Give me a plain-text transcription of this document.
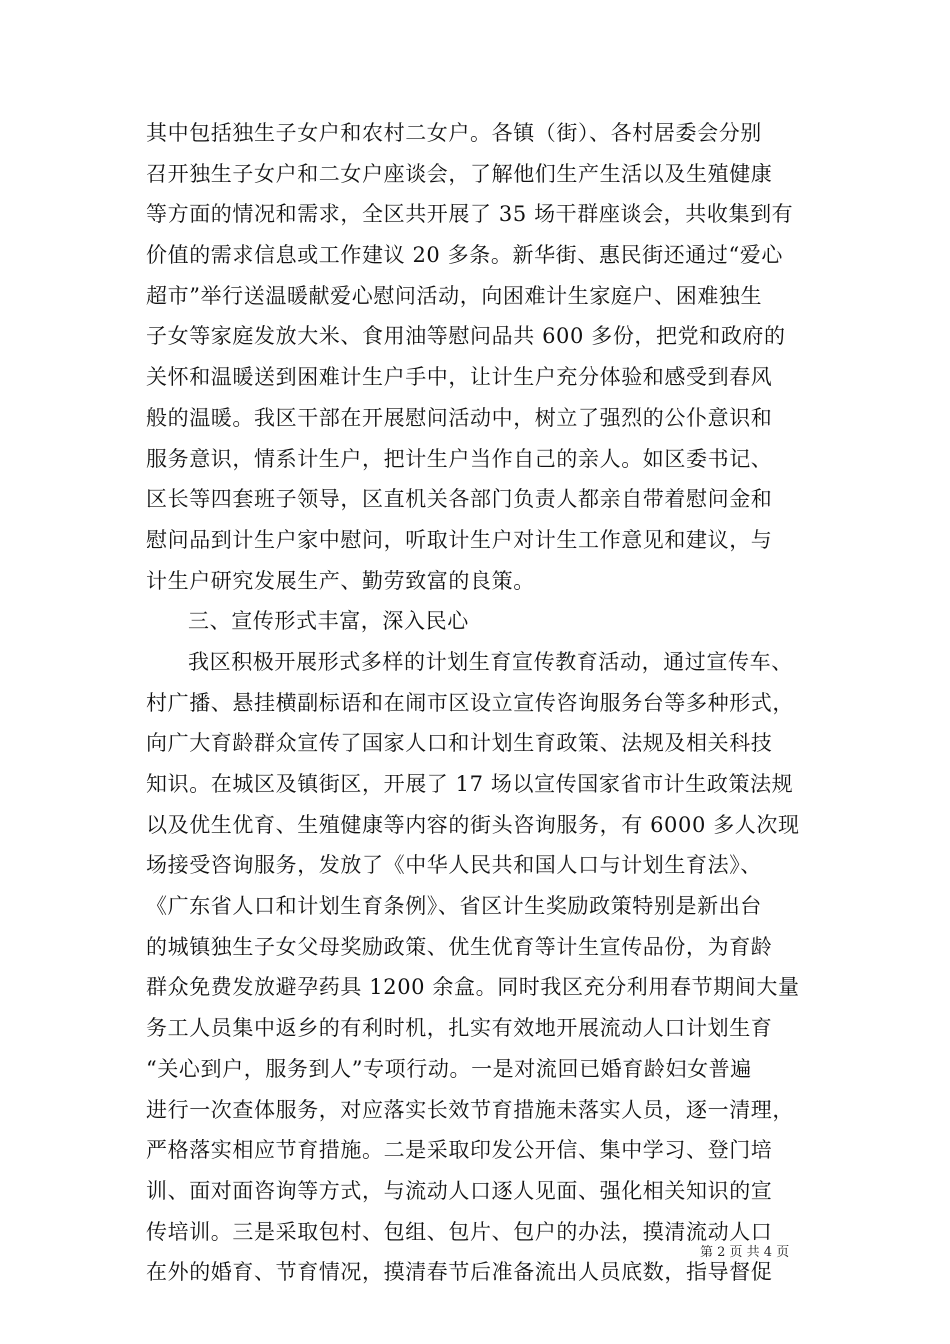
其中包括独生子女户和农村二女户。各镇（街）、各村居委会分别
召开独生子女户和二女户座谈会，了解他们生产生活以及生殖健康
等方面的情况和需求，全区共开展了 35 场干群座谈会，共收集到有
价值的需求信息或工作建议 20 多条。新华街、惠民街还通过“爱心
超市”举行送温暖献爱心慰问活动，向困难计生家庭户、困难独生
子女等家庭发放大米、食用油等慰问品共 600 多份，把党和政府的
关怀和温暖送到困难计生户手中，让计生户充分体验和感受到春风
般的温暖。我区干部在开展慰问活动中，树立了强烈的公仆意识和
服务意识，情系计生户，把计生户当作自己的亲人。如区委书记、
区长等四套班子领导，区直机关各部门负责人都亲自带着慰问金和
慰问品到计生户家中慰问，听取计生户对计生工作意见和建议，与
计生户研究发展生产、勤劳致富的良策。
三、宣传形式丰富，深入民心
我区积极开展形式多样的计划生育宣传教育活动，通过宣传车、
村广播、悬挂横副标语和在闹市区设立宣传咨询服务台等多种形式，
向广大育龄群众宣传了国家人口和计划生育政策、法规及相关科技
知识。在城区及镇街区，开展了 17 场以宣传国家省市计生政策法规
以及优生优育、生殖健康等内容的街头咨询服务，有 6000 多人次现
场接受咨询服务，发放了《中华人民共和国人口与计划生育法》、
《广东省人口和计划生育条例》、省区计生奖励政策特别是新出台
的城镇独生子女父母奖励政策、优生优育等计生宣传品份，为育龄
群众免费发放避孕药具 1200 余盒。同时我区充分利用春节期间大量
务工人员集中返乡的有利时机，扎实有效地开展流动人口计划生育
“关心到户，服务到人”专项行动。一是对流回已婚育龄妇女普遍
进行一次查体服务，对应落实长效节育措施未落实人员，逐一清理，
严格落实相应节育措施。二是采取印发公开信、集中学习、登门培
训、面对面咨询等方式，与流动人口逐人见面、强化相关知识的宣
传培训。三是采取包村、包组、包片、包户的办法，摸清流动人口
在外的婚育、节育情况，摸清春节后准备流出人员底数，指导督促
第 2 页 共 4 页
